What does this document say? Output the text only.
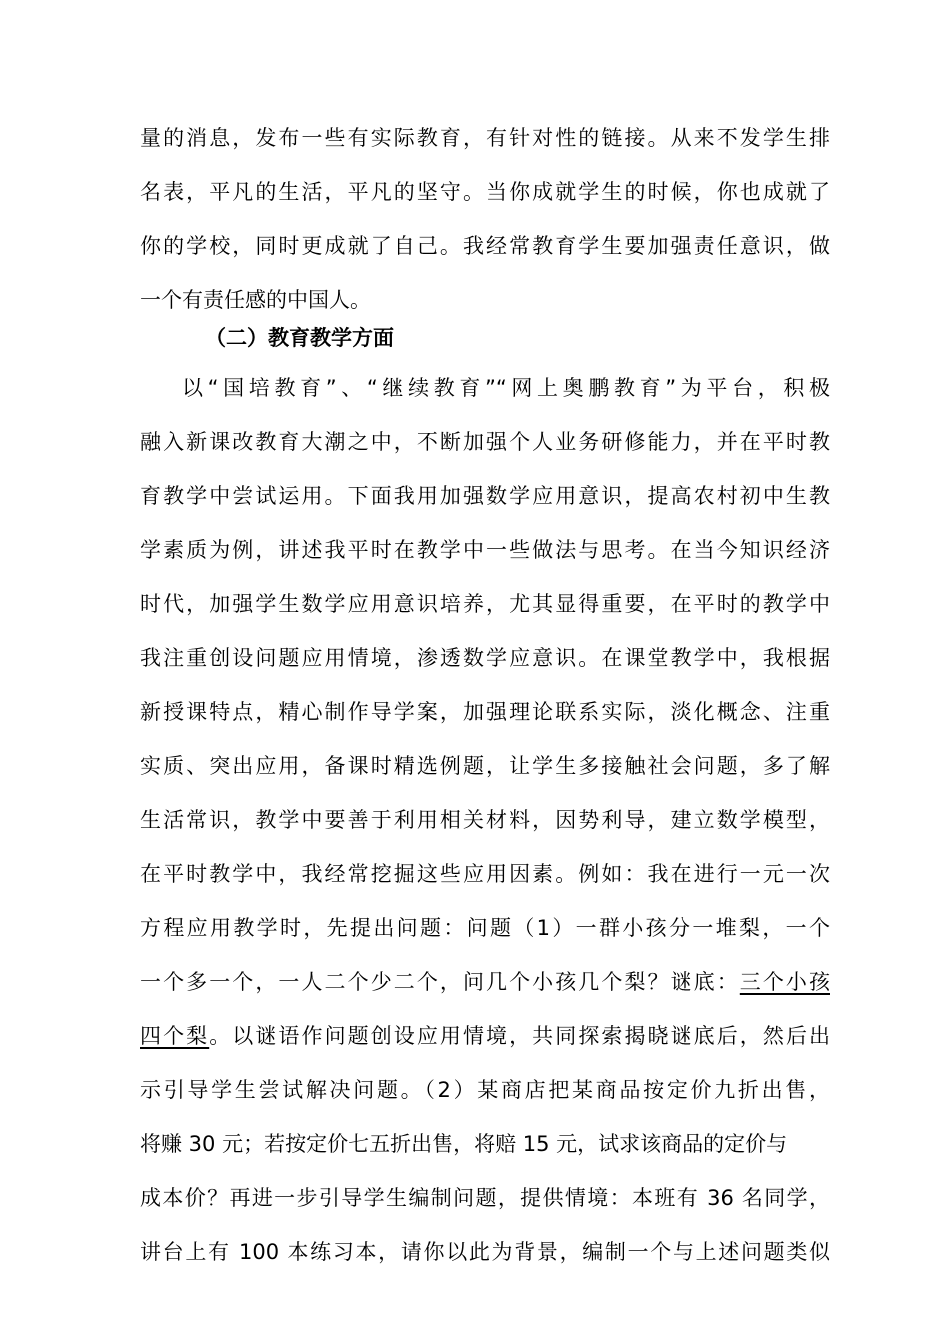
量的消息，发布一些有实际教育，有针对性的链接。从来不发学生排
名表，平凡的生活，平凡的坚守。当你成就学生的时候，你也成就了
你的学校，同时更成就了自己。我经常教育学生要加强责任意识，做
一个有责任感的中国人。
（二）教育教学方面
以“国培教育”、“继续教育”“网上奥鹏教育”为平台，积极
融入新课改教育大潮之中，不断加强个人业务研修能力，并在平时教
育教学中尝试运用。下面我用加强数学应用意识，提高农村初中生教
学素质为例，讲述我平时在教学中一些做法与思考。在当今知识经济
时代，加强学生数学应用意识培养，尤其显得重要，在平时的教学中
我注重创设问题应用情境，渗透数学应意识。在课堂教学中，我根据
新授课特点，精心制作导学案，加强理论联系实际，淡化概念、注重
实质、突出应用，备课时精选例题，让学生多接触社会问题，多了解
生活常识，教学中要善于利用相关材料，因势利导，建立数学模型，
在平时教学中，我经常挖掘这些应用因素。例如：我在进行一元一次
方程应用教学时，先提出问题：问题（1）一群小孩分一堆梨，一个
一个多一个，一人二个少二个，问几个小孩几个梨？谜底：三个小孩
四个梨。以谜语作问题创设应用情境，共同探索揭晓谜底后，然后出
示引导学生尝试解决问题。（2）某商店把某商品按定价九折出售，
将赚 30 元；若按定价七五折出售，将赔 15 元，试求该商品的定价与
成本价？再进一步引导学生编制问题，提供情境：本班有 36 名同学，
讲台上有 100 本练习本，请你以此为背景，编制一个与上述问题类似
